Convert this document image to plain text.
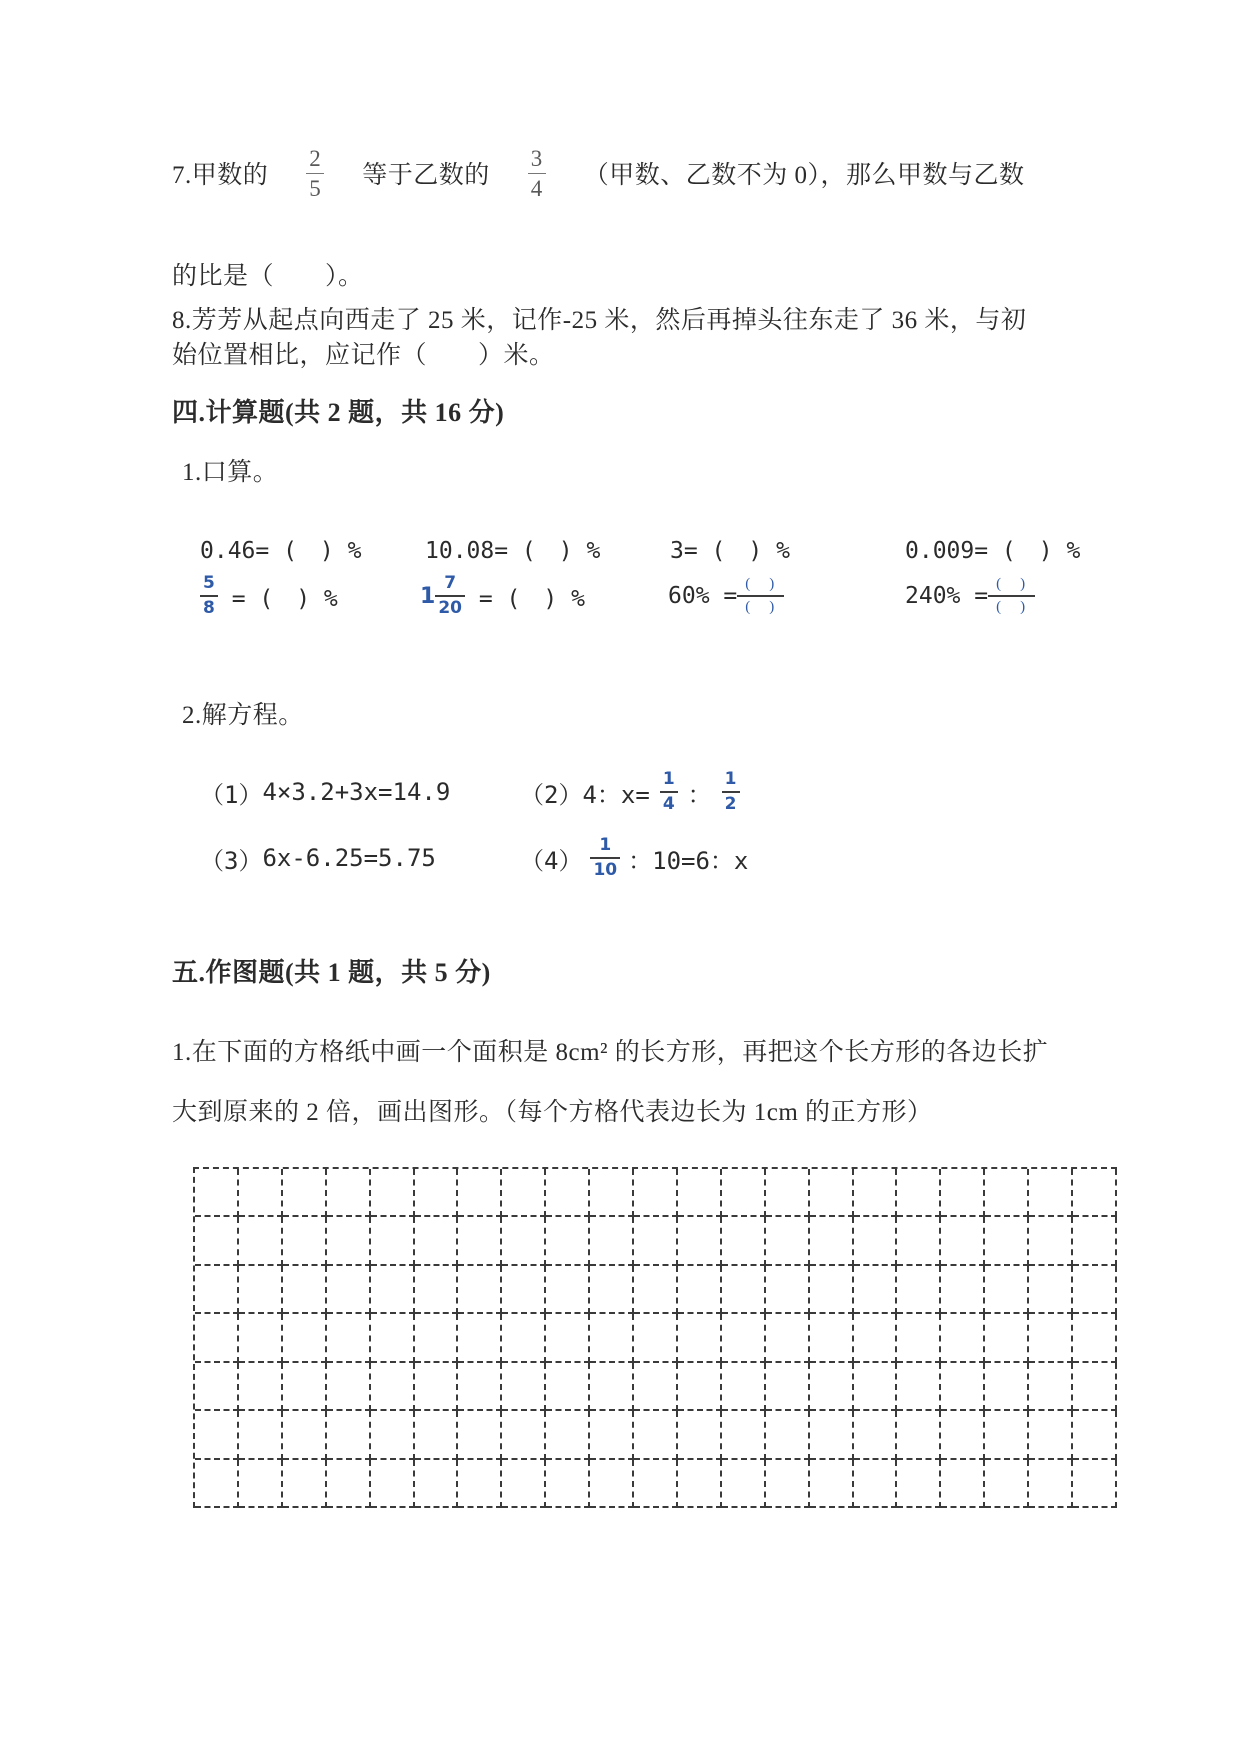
7.甲数的 $\frac{2}{5}$ 等于乙数的 $\frac{3}{4}$ （甲数、乙数不为 0），那么甲数与乙数
的比是（　　）。
8.芳芳从起点向西走了 25 米，记作-25 米，然后再掉头往东走了 36 米，与初
始位置相比，应记作（　　）米。
四.计算题(共 2 题，共 16 分)
1.口算。
0.46= (　) %	10.08= (　) %	3= (　) %	0.009= (　) %
$\frac{5}{8}$ = (　) %	$1 \frac{7}{20}$ = (　) %	$60\% = \frac{( )}{( )}$	$240\% = \frac{( )}{( )}$
2.解方程。
（1） 4×3.2+3x=14.9	（2） 4：$x= \frac{1}{4}$ ： $\frac{1}{2}$
（3） 6x-6.25=5.75	$(4) \frac{1}{10}$ ：10=6：x
五.作图题(共 1 题，共 5 分)
1.在下面的方格纸中画一个面积是 8cm² 的长方形，再把这个长方形的各边长扩
大到原来的 2 倍，画出图形。（每个方格代表边长为 1cm 的正方形）
